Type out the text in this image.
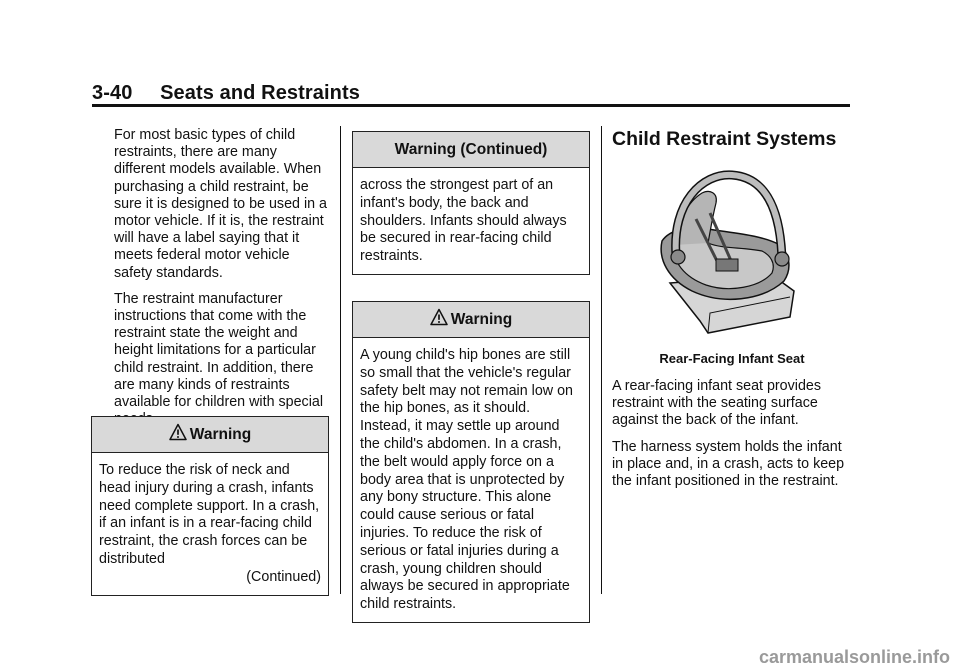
3-40 Seats and Restraints

For most basic types of child restraints, there are many different models available. When purchasing a child restraint, be sure it is designed to be used in a motor vehicle. If it is, the restraint will have a label saying that it meets federal motor vehicle safety standards.

The restraint manufacturer instructions that come with the restraint state the weight and height limitations for a particular child restraint. In addition, there are many kinds of restraints available for children with special

Warning
To reduce the risk of neck and head injury during a crash, infants need complete support. In a crash, if an infant is in a rear-facing child restraint, the crash forces can be distributed
(Continued)
Warning (Continued)
across the strongest part of an infant's body, the back and shoulders. Infants should always be secured in rear-facing child restraints.
Warning
A young child's hip bones are still so small that the vehicle's regular safety belt may not remain low on the hip bones, as it should. Instead, it may settle up around the child's abdomen. In a crash, the belt would apply force on a body area that is unprotected by any bony structure. This alone could cause serious or fatal injuries. To reduce the risk of serious or fatal injuries during a crash, young children should always be secured in appropriate child restraints.
Child Restraint Systems
Rear-Facing Infant Seat

A rear-facing infant seat provides restraint with the seating surface against the back of the infant.

The harness system holds the infant in place and, in a crash, acts to keep the infant positioned in the restraint.

carmanualsonline.info
